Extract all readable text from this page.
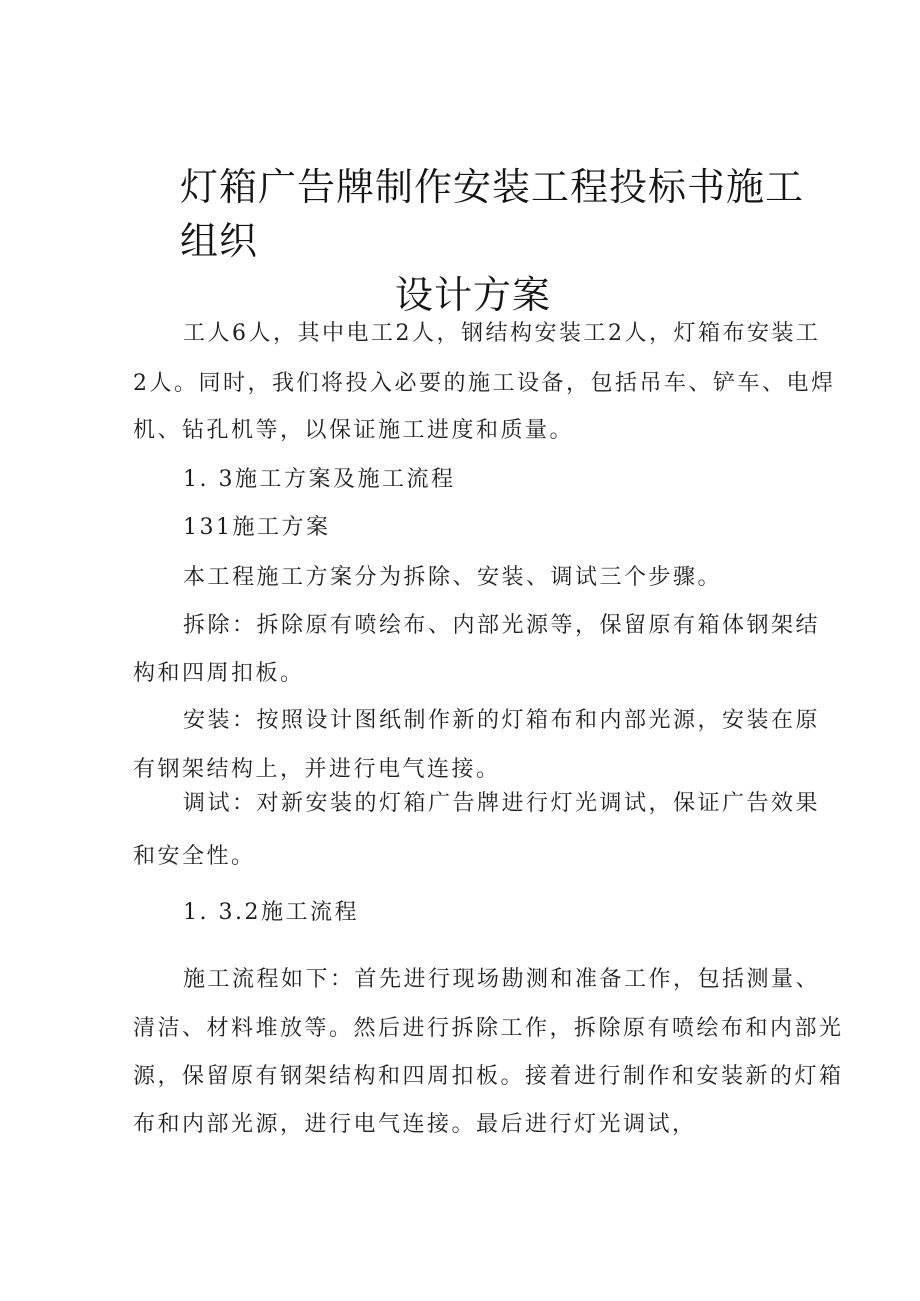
灯箱广告牌制作安装工程投标书施工组织
设计方案
工人6人，其中电工2人，钢结构安装工2人，灯箱布安装工
2人。同时，我们将投入必要的施工设备，包括吊车、铲车、电焊
机、钻孔机等，以保证施工进度和质量。
1. 3施工方案及施工流程
131施工方案
本工程施工方案分为拆除、安装、调试三个步骤。
拆除：拆除原有喷绘布、内部光源等，保留原有箱体钢架结
构和四周扣板。
安装：按照设计图纸制作新的灯箱布和内部光源，安装在原
有钢架结构上，并进行电气连接。
调试：对新安装的灯箱广告牌进行灯光调试，保证广告效果
和安全性。
1. 3.2施工流程
施工流程如下：首先进行现场勘测和准备工作，包括测量、
清洁、材料堆放等。然后进行拆除工作，拆除原有喷绘布和内部光
源，保留原有钢架结构和四周扣板。接着进行制作和安装新的灯箱
布和内部光源，进行电气连接。最后进行灯光调试，
